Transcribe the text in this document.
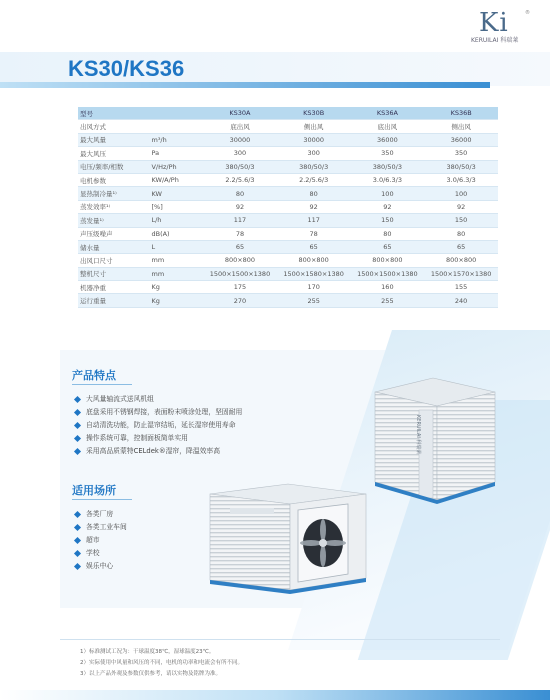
Ki	®
KERUILAI 科瑞莱
KS30/KS36
型号		KS30A	KS30B	KS36A	KS36B
出风方式		底出风	侧出风	底出风	侧出风
最大风量	m³/h	30000	30000	36000	36000
最大风压	Pa	300	300	350	350
电压/频率/相数	V/Hz/Ph	380/50/3	380/50/3	380/50/3	380/50/3
电机参数	KW/A/Ph	2.2/5.6/3	2.2/5.6/3	3.0/6.3/3	3.0/6.3/3
显热制冷量¹⁾	KW	80	80	100	100
蒸发效率¹⁾	[%]	92	92	92	92
蒸发量¹⁾	L/h	117	117	150	150
声压级噪声	dB(A)	78	78	80	80
储水量	L	65	65	65	65
出风口尺寸	mm	800×800	800×800	800×800	800×800
整机尺寸	mm	1500×1500×1380	1500×1580×1380	1500×1500×1380	1500×1570×1380
机器净重	Kg	175	170	160	155
运行重量	Kg	270	255	255	240
产品特点
大风量轴流式送风机组
底盘采用不锈钢焊接，表面粉末喷涂处理，坚固耐用
自动清洗功能，防止湿帘结垢，延长湿帘使用寿命
操作系统可靠，控制面板简单实用
采用高品质蒙特CELdek®湿帘，降温效率高
适用场所
各类厂房
各类工业车间
超市
学校
娱乐中心
KERUILAI 科瑞莱
1）标准测试工况为：干球温度38℃，湿球温度23℃。
2）实际使用中风量和风压的不同，电机的功率和电流会有所不同。
3）以上产品外观及参数仅供参考，请以实物及铭牌为准。
